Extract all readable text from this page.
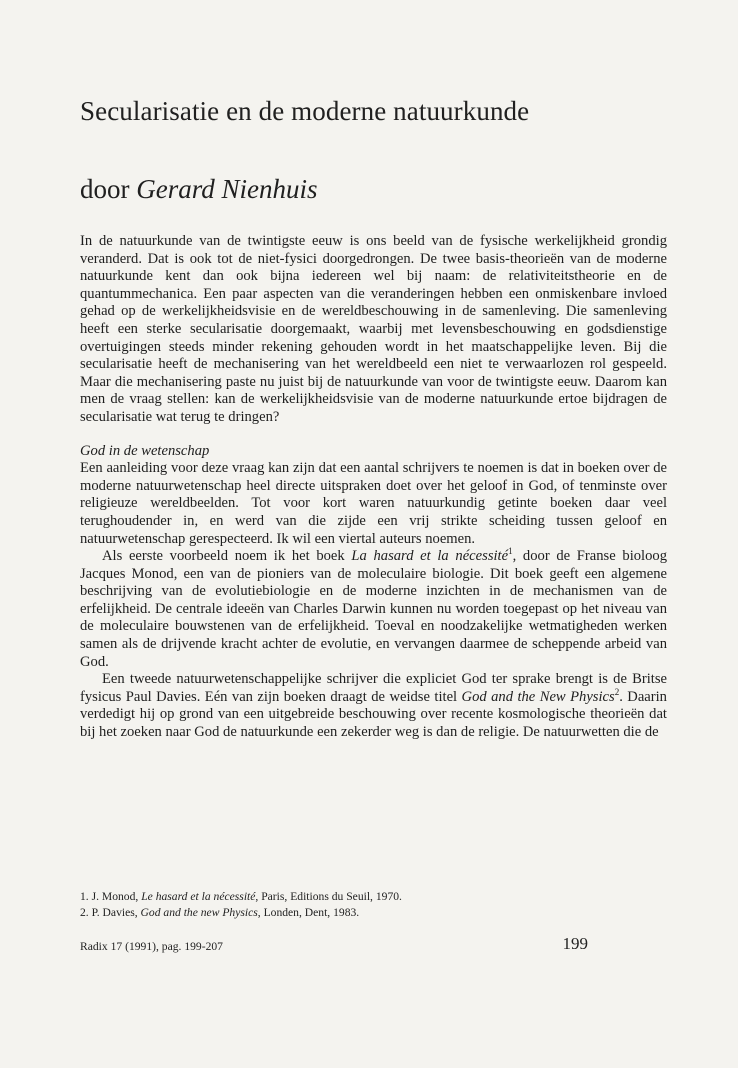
Secularisatie en de moderne natuurkunde
door Gerard Nienhuis

In de natuurkunde van de twintigste eeuw is ons beeld van de fysische werkelijkheid grondig veranderd. Dat is ook tot de niet-fysici doorgedrongen. De twee basis-theorieën van de moderne natuurkunde kent dan ook bijna iedereen wel bij naam: de relativiteitstheorie en de quantummechanica. Een paar aspecten van die veranderingen hebben een onmiskenbare invloed gehad op de werkelijkheidsvisie en de wereldbeschouwing in de samenleving. Die samenleving heeft een sterke secularisatie doorgemaakt, waarbij met levensbeschouwing en godsdienstige overtuigingen steeds minder rekening gehouden wordt in het maatschappelijke leven. Bij die secularisatie heeft de mechanisering van het wereldbeeld een niet te verwaarlozen rol gespeeld. Maar die mechanisering paste nu juist bij de natuurkunde van voor de twintigste eeuw. Daarom kan men de vraag stellen: kan de werkelijkheidsvisie van de moderne natuurkunde ertoe bijdragen de secularisatie wat terug te dringen?

God in de wetenschap

Een aanleiding voor deze vraag kan zijn dat een aantal schrijvers te noemen is dat in boeken over de moderne natuurwetenschap heel directe uitspraken doet over het geloof in God, of tenminste over religieuze wereldbeelden. Tot voor kort waren natuurkundig getinte boeken daar veel terughoudender in, en werd van die zijde een vrij strikte scheiding tussen geloof en natuurwetenschap gerespecteerd. Ik wil een viertal auteurs noemen.

Als eerste voorbeeld noem ik het boek La hasard et la nécessité$^1$, door de Franse bioloog Jacques Monod, een van de pioniers van de moleculaire biologie. Dit boek geeft een algemene beschrijving van de evolutiebiologie en de moderne inzichten in de mechanismen van de erfelijkheid. De centrale ideeën van Charles Darwin kunnen nu worden toegepast op het niveau van de moleculaire bouwstenen van de erfelijkheid. Toeval en noodzakelijke wetmatigheden werken samen als de drijvende kracht achter de evolutie, en vervangen daarmee de scheppende arbeid van God.

Een tweede natuurwetenschappelijke schrijver die expliciet God ter sprake brengt is de Britse fysicus Paul Davies. Eén van zijn boeken draagt de weidse titel God and the New Physics$^2$. Daarin verdedigt hij op grond van een uitgebreide beschouwing over recente kosmologische theorieën dat bij het zoeken naar God de natuurkunde een zekerder weg is dan de religie. De natuurwetten die de

1. J. Monod, Le hasard et la nécessité, Paris, Editions du Seuil, 1970.
2. P. Davies, God and the new Physics, Londen, Dent, 1983.
Radix 17 (1991), pag. 199-207	199
